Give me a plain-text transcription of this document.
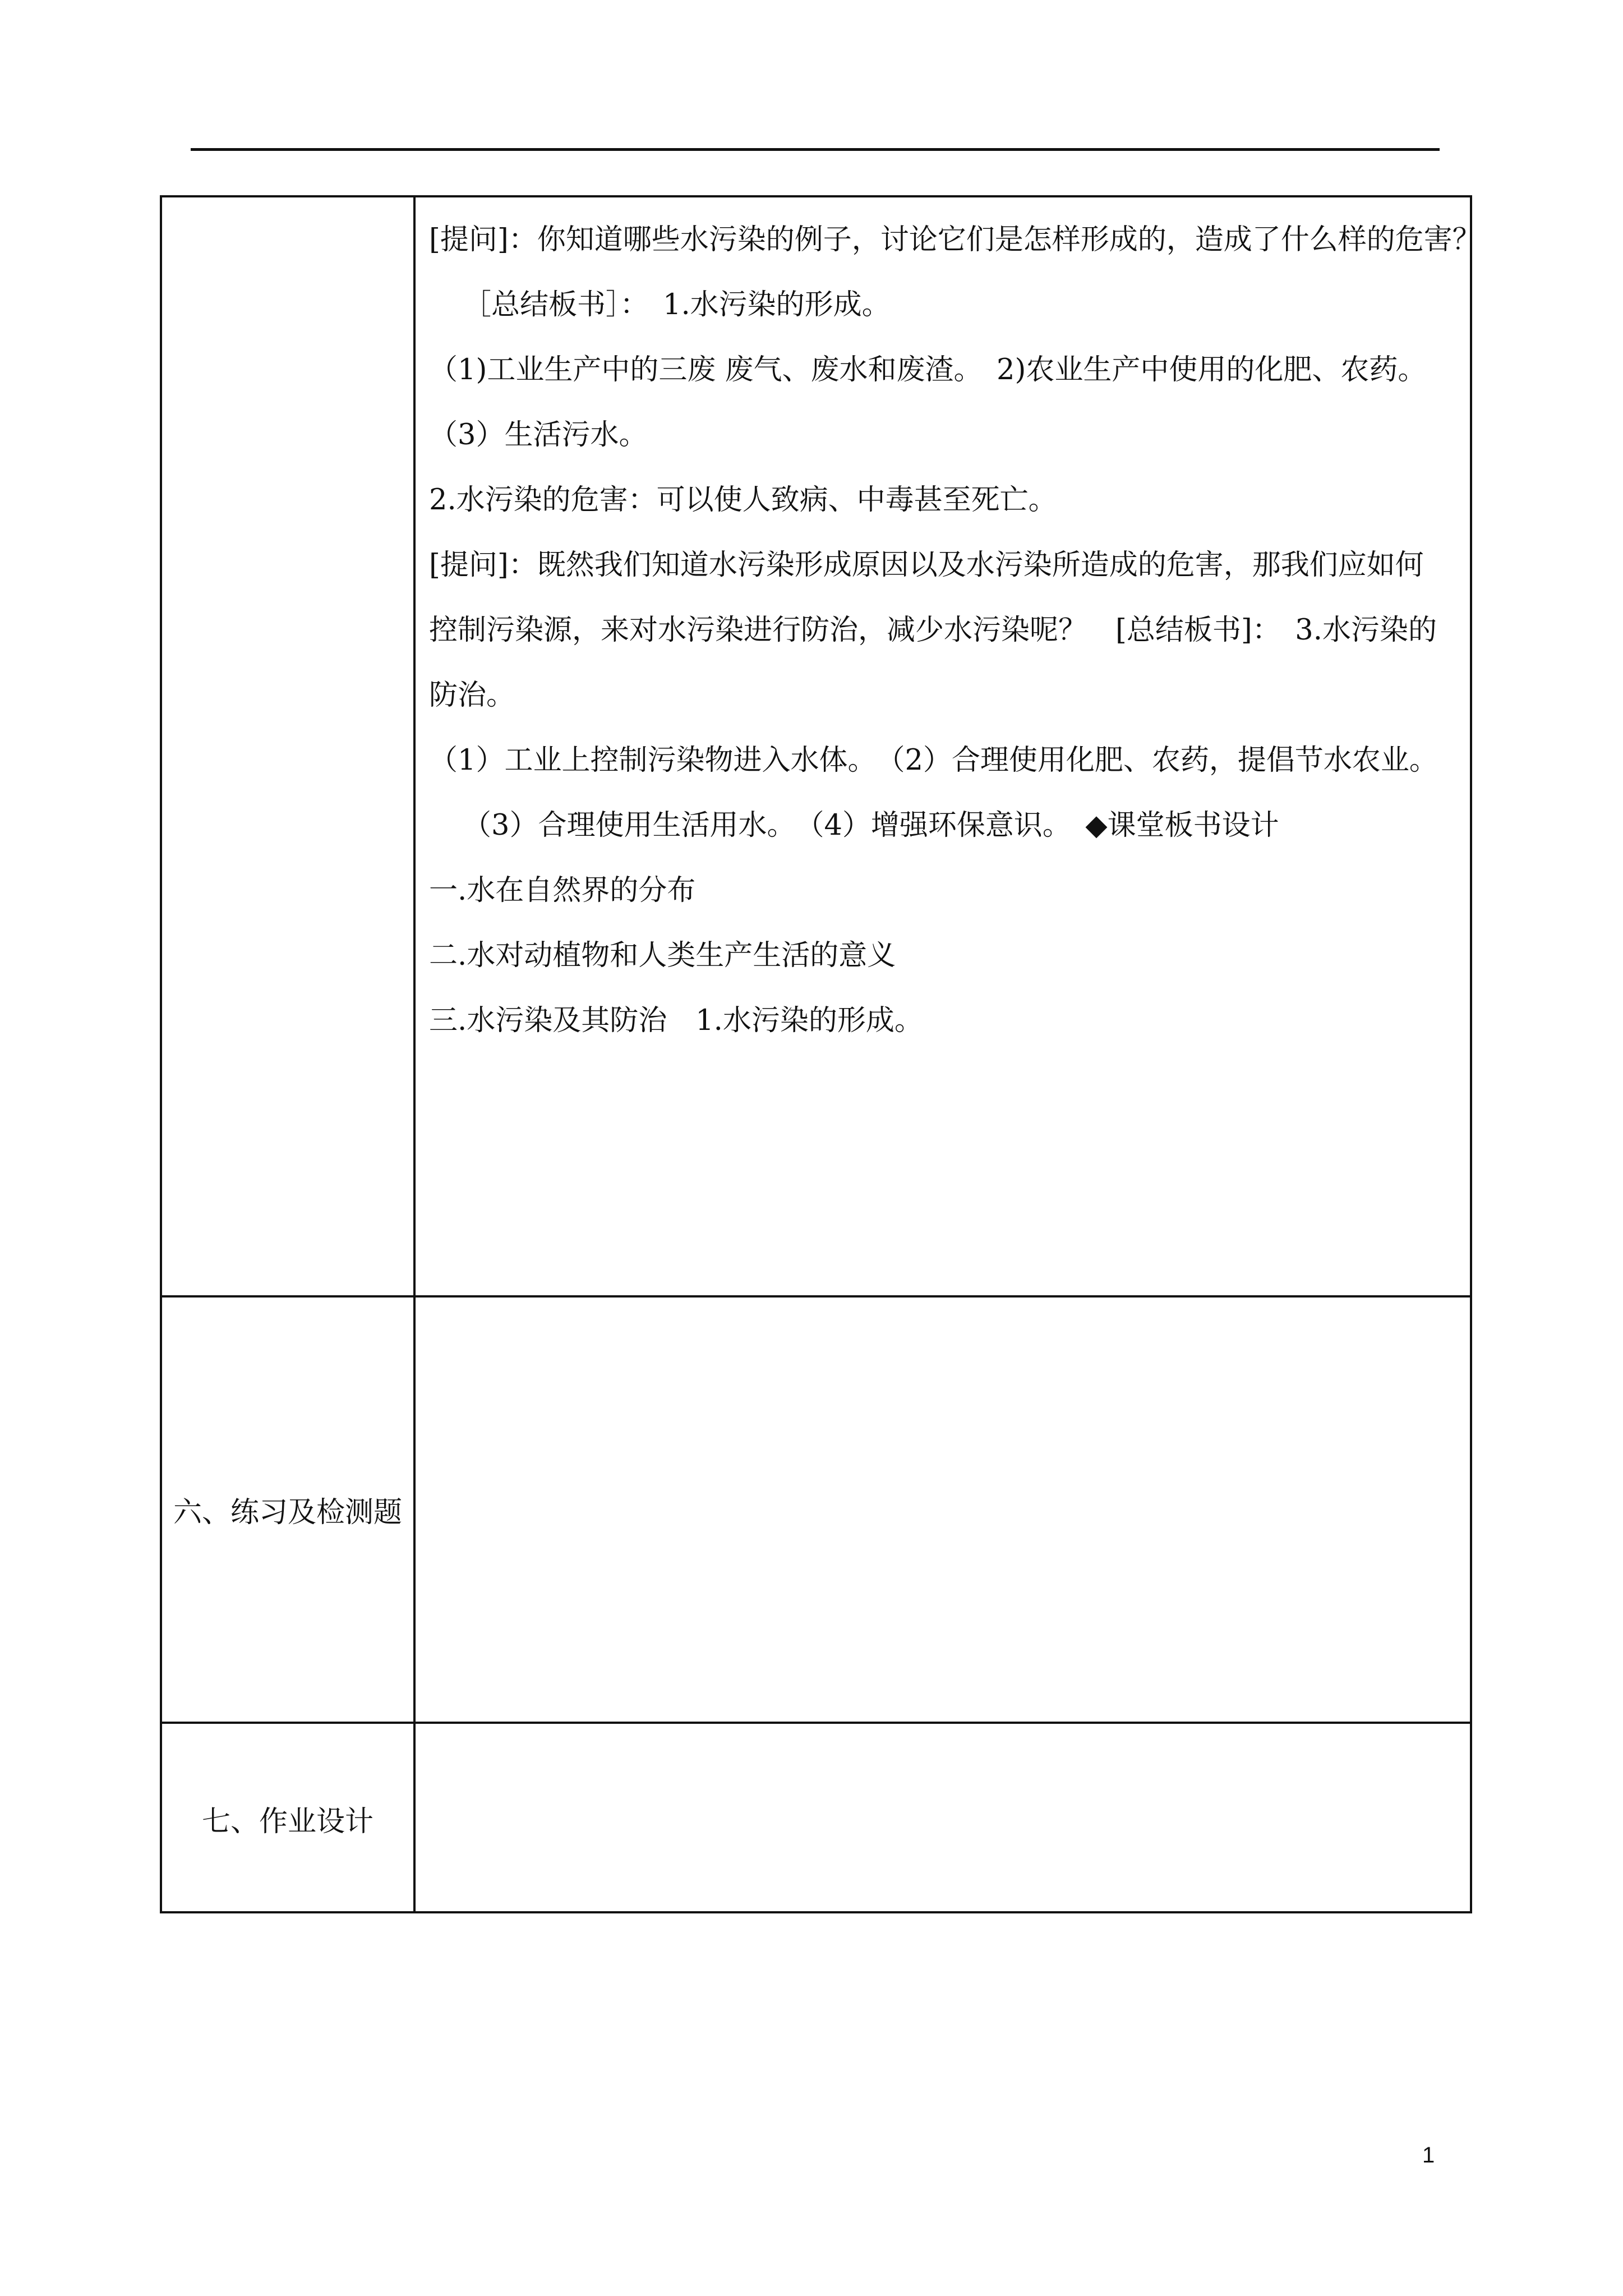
[提问]：你知道哪些水污染的例子，讨论它们是怎样形成的，造成了什么样的危害？
［总结板书］：　1.水污染的形成。
（1)工业生产中的三废 废气、废水和废渣。　2)农业生产中使用的化肥、农药。
（3）生活污水。
2.水污染的危害：可以使人致病、中毒甚至死亡。
[提问]：既然我们知道水污染形成原因以及水污染所造成的危害，那我们应如何
控制污染源，来对水污染进行防治，减少水污染呢？　[总结板书]：　3.水污染的
防治。
（1）工业上控制污染物进入水体。　（2）合理使用化肥、农药，提倡节水农业。
（3）合理使用生活用水。　（4）增强环保意识。　◆课堂板书设计
一.水在自然界的分布
二.水对动植物和人类生产生活的意义
三.水污染及其防治　1.水污染的形成。
六、练习及检测题
七、作业设计
1
